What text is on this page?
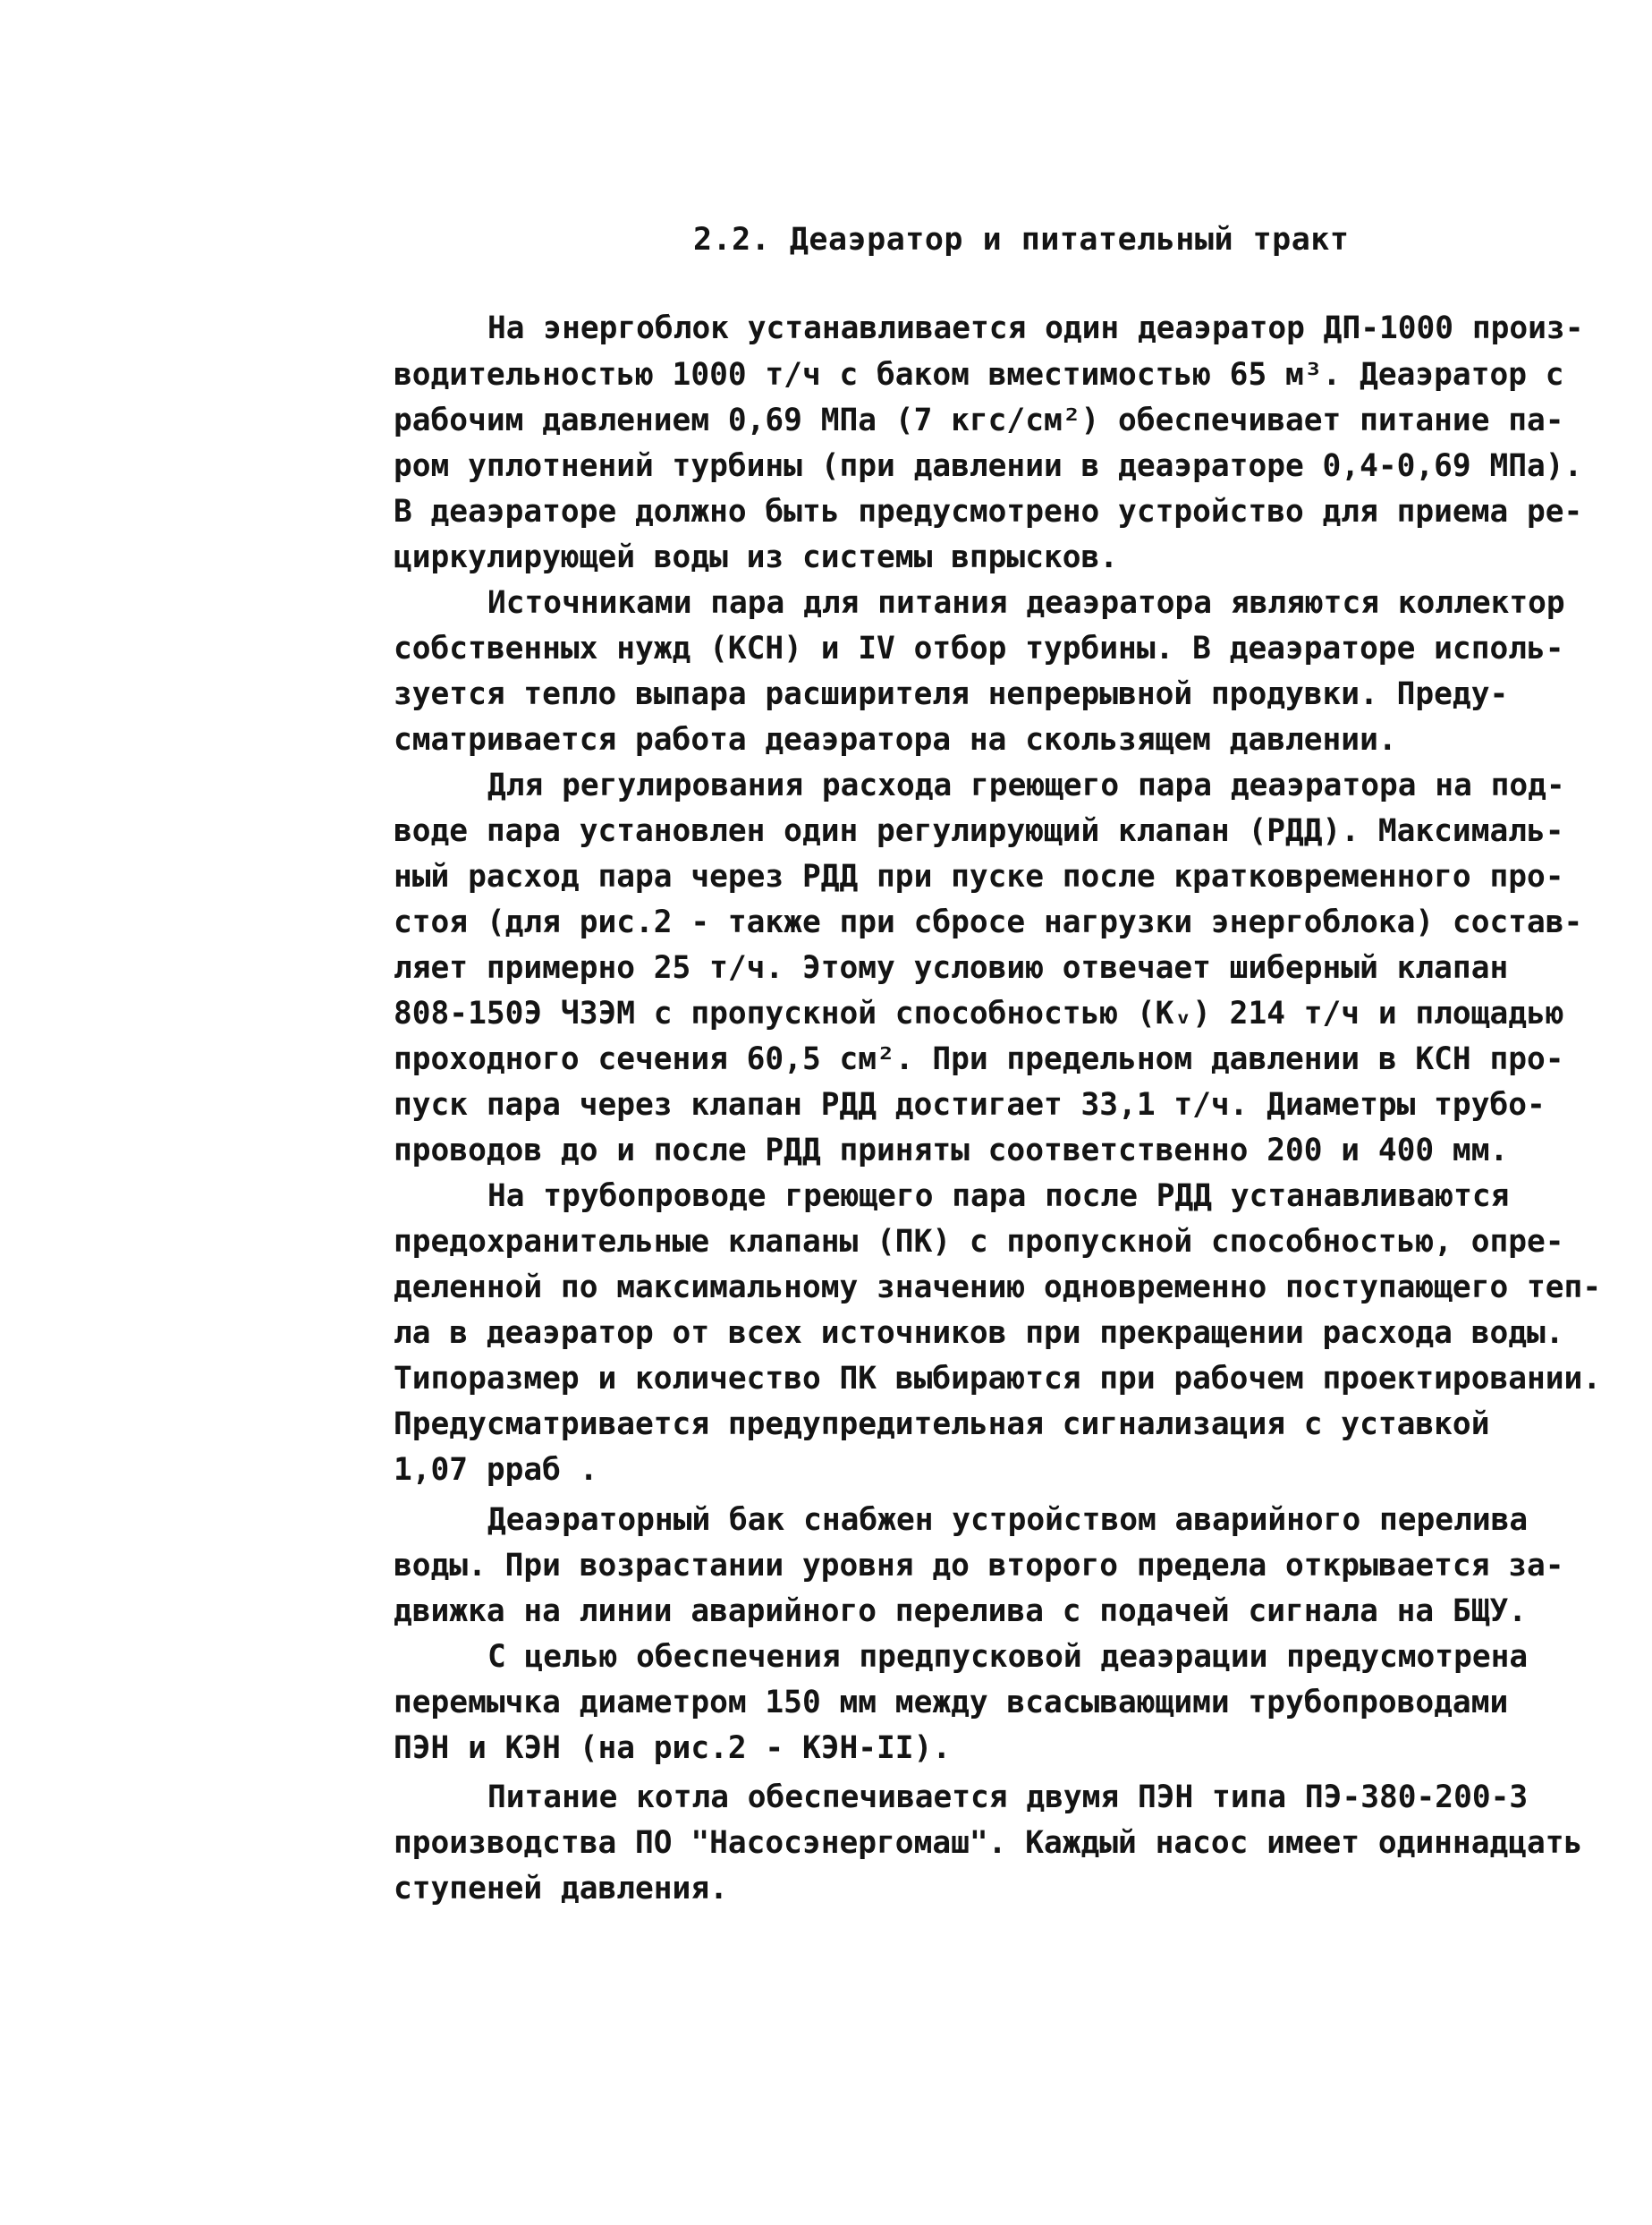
2.2. Деаэратор и питательный тракт
На энергоблок устанавливается один деаэратор ДП-1000 произ-
водительностью 1000 т/ч с баком вместимостью 65 м³. Деаэратор с
рабочим давлением 0,69 МПа (7 кгс/см²) обеспечивает питание па-
ром уплотнений турбины (при давлении в деаэраторе 0,4-0,69 МПа).
В деаэраторе должно быть предусмотрено устройство для приема ре-
циркулирующей воды из системы впрысков.
Источниками пара для питания деаэратора являются коллектор
собственных нужд (КСН) и IV отбор турбины. В деаэраторе исполь-
зуется тепло выпара расширителя непрерывной продувки. Преду-
сматривается работа деаэратора на скользящем давлении.
Для регулирования расхода греющего пара деаэратора на под-
воде пара установлен один регулирующий клапан (РДД). Максималь-
ный расход пара через РДД при пуске после кратковременного про-
стоя (для рис.2 - также при сбросе нагрузки энергоблока) состав-
ляет примерно 25 т/ч. Этому условию отвечает шиберный клапан
808-150Э ЧЗЭМ с пропускной способностью (Kᵥ) 214 т/ч и площадью
проходного сечения 60,5 см². При предельном давлении в КСН про-
пуск пара через клапан РДД достигает 33,1 т/ч. Диаметры трубо-
проводов до и после РДД приняты соответственно 200 и 400 мм.
На трубопроводе греющего пара после РДД устанавливаются
предохранительные клапаны (ПК) с пропускной способностью, опре-
деленной по максимальному значению одновременно поступающего теп-
ла в деаэратор от всех источников при прекращении расхода воды.
Типоразмер и количество ПК выбираются при рабочем проектировании.
Предусматривается предупредительная сигнализация с уставкой
1,07 pраб .
Деаэраторный бак снабжен устройством аварийного перелива
воды. При возрастании уровня до второго предела открывается за-
движка на линии аварийного перелива с подачей сигнала на БЩУ.
С целью обеспечения предпусковой деаэрации предусмотрена
перемычка диаметром 150 мм между всасывающими трубопроводами
ПЭН и КЭН (на рис.2 - КЭН-II).
Питание котла обеспечивается двумя ПЭН типа ПЭ-380-200-3
производства ПО "Насосэнергомаш". Каждый насос имеет одиннадцать
ступеней давления.
